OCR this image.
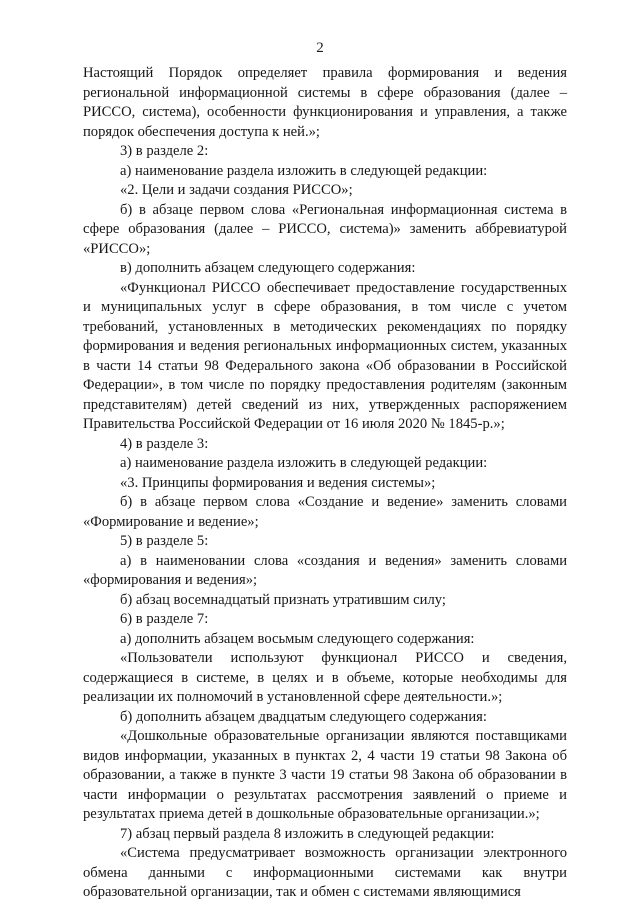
2

Настоящий Порядок определяет правила формирования и ведения региональной информационной системы в сфере образования (далее – РИССО, система), особенности функционирования и управления, а также порядок обеспечения доступа к ней.»;

3) в разделе 2:

а) наименование раздела изложить в следующей редакции:

«2. Цели и задачи создания РИССО»;

б) в абзаце первом слова «Региональная информационная система в сфере образования (далее – РИССО, система)» заменить аббревиатурой «РИССО»;

в) дополнить абзацем следующего содержания:

«Функционал РИССО обеспечивает предоставление государственных и муниципальных услуг в сфере образования, в том числе с учетом требований, установленных в методических рекомендациях по порядку формирования и ведения региональных информационных систем, указанных в части 14 статьи 98 Федерального закона «Об образовании в Российской Федерации», в том числе по порядку предоставления родителям (законным представителям) детей сведений из них, утвержденных распоряжением Правительства Российской Федерации от 16 июля 2020 № 1845-р.»;

4) в разделе 3:

а) наименование раздела изложить в следующей редакции:

«3. Принципы формирования и ведения системы»;

б) в абзаце первом слова «Создание и ведение» заменить словами «Формирование и ведение»;

5) в разделе 5:

а) в наименовании слова «создания и ведения» заменить словами «формирования и ведения»;

б) абзац восемнадцатый признать утратившим силу;

6) в разделе 7:

а) дополнить абзацем восьмым следующего содержания:

«Пользователи используют функционал РИССО и сведения, содержащиеся в системе, в целях и в объеме, которые необходимы для реализации их полномочий в установленной сфере деятельности.»;

б) дополнить абзацем двадцатым следующего содержания:

«Дошкольные образовательные организации являются поставщиками видов информации, указанных в пунктах 2, 4 части 19 статьи 98 Закона об образовании, а также в пункте 3 части 19 статьи 98 Закона об образовании в части информации о результатах рассмотрения заявлений о приеме и результатах приема детей в дошкольные образовательные организации.»;

7) абзац первый раздела 8 изложить в следующей редакции:

«Система предусматривает возможность организации электронного обмена данными с информационными системами как внутри образовательной организации, так и обмен с системами являющимися
